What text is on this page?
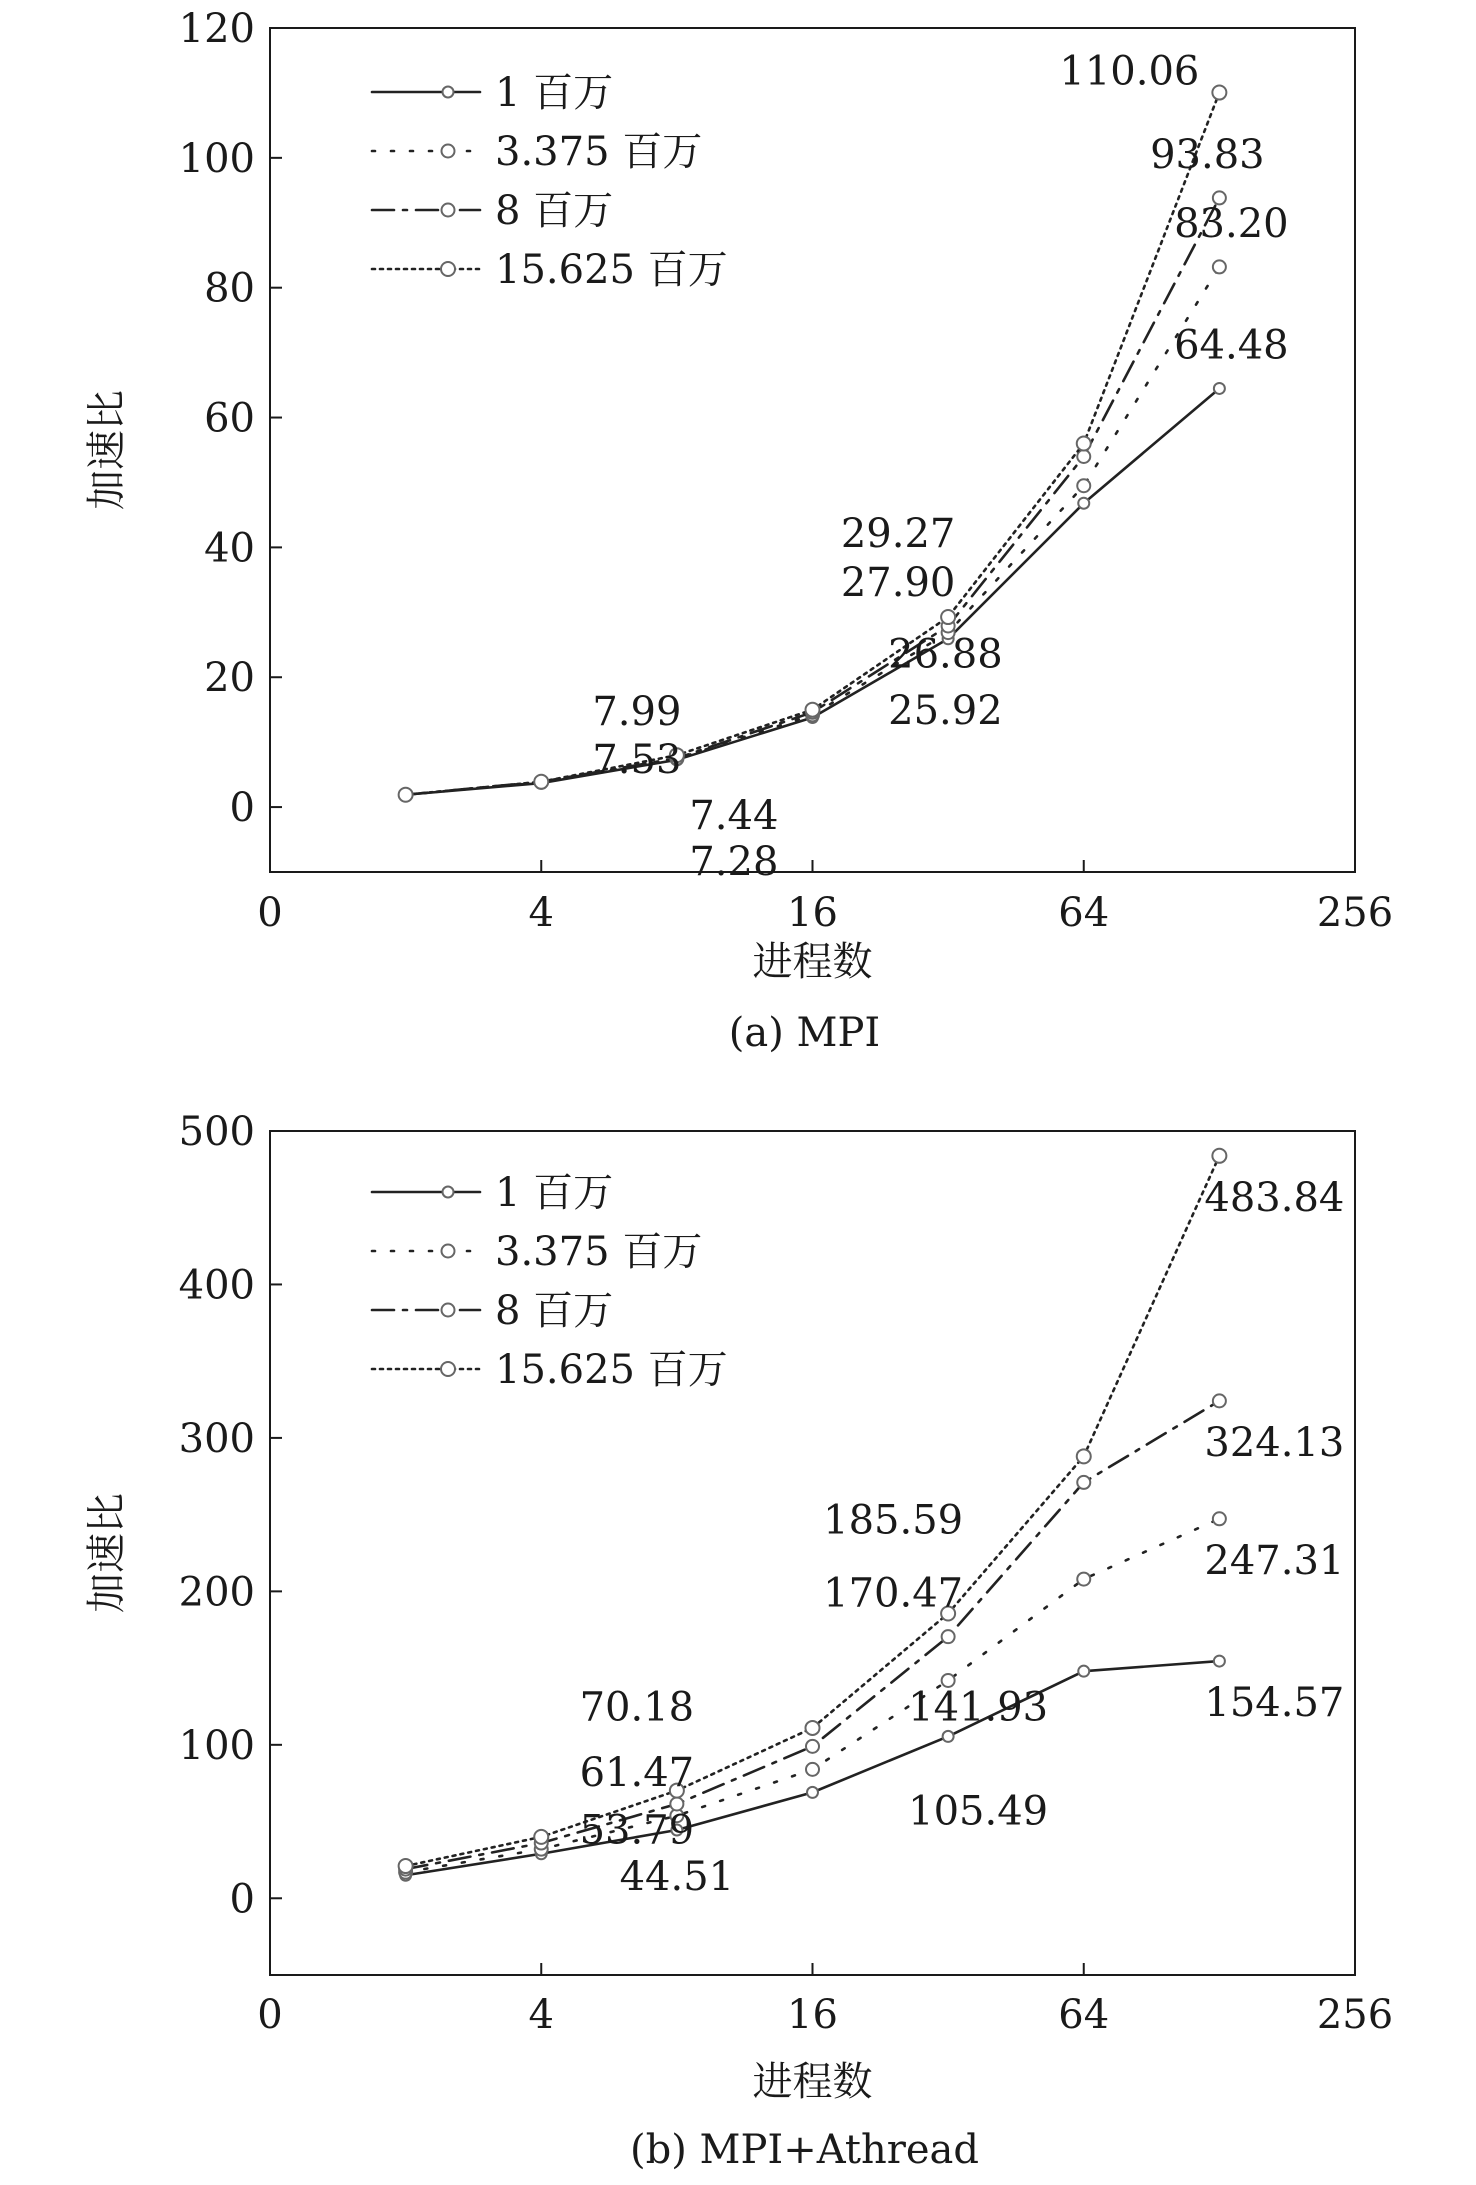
0	4	16	64	256
0
20
40
60
80
100
120
进程数
加速比
(a) MPI
1 百万
3.375 百万
8 百万
15.625 百万
110.06
93.83
83.20
64.48
29.27
27.90
26.88
25.92
7.99
7.53
7.44
7.28
0	4	16	64	256
0
100
200
300
400
500
进程数
加速比
(b) MPI+Athread
1 百万
3.375 百万
8 百万
15.625 百万
483.84
324.13
247.31
154.57
185.59
170.47
141.93
105.49
70.18
61.47
53.79
44.51
